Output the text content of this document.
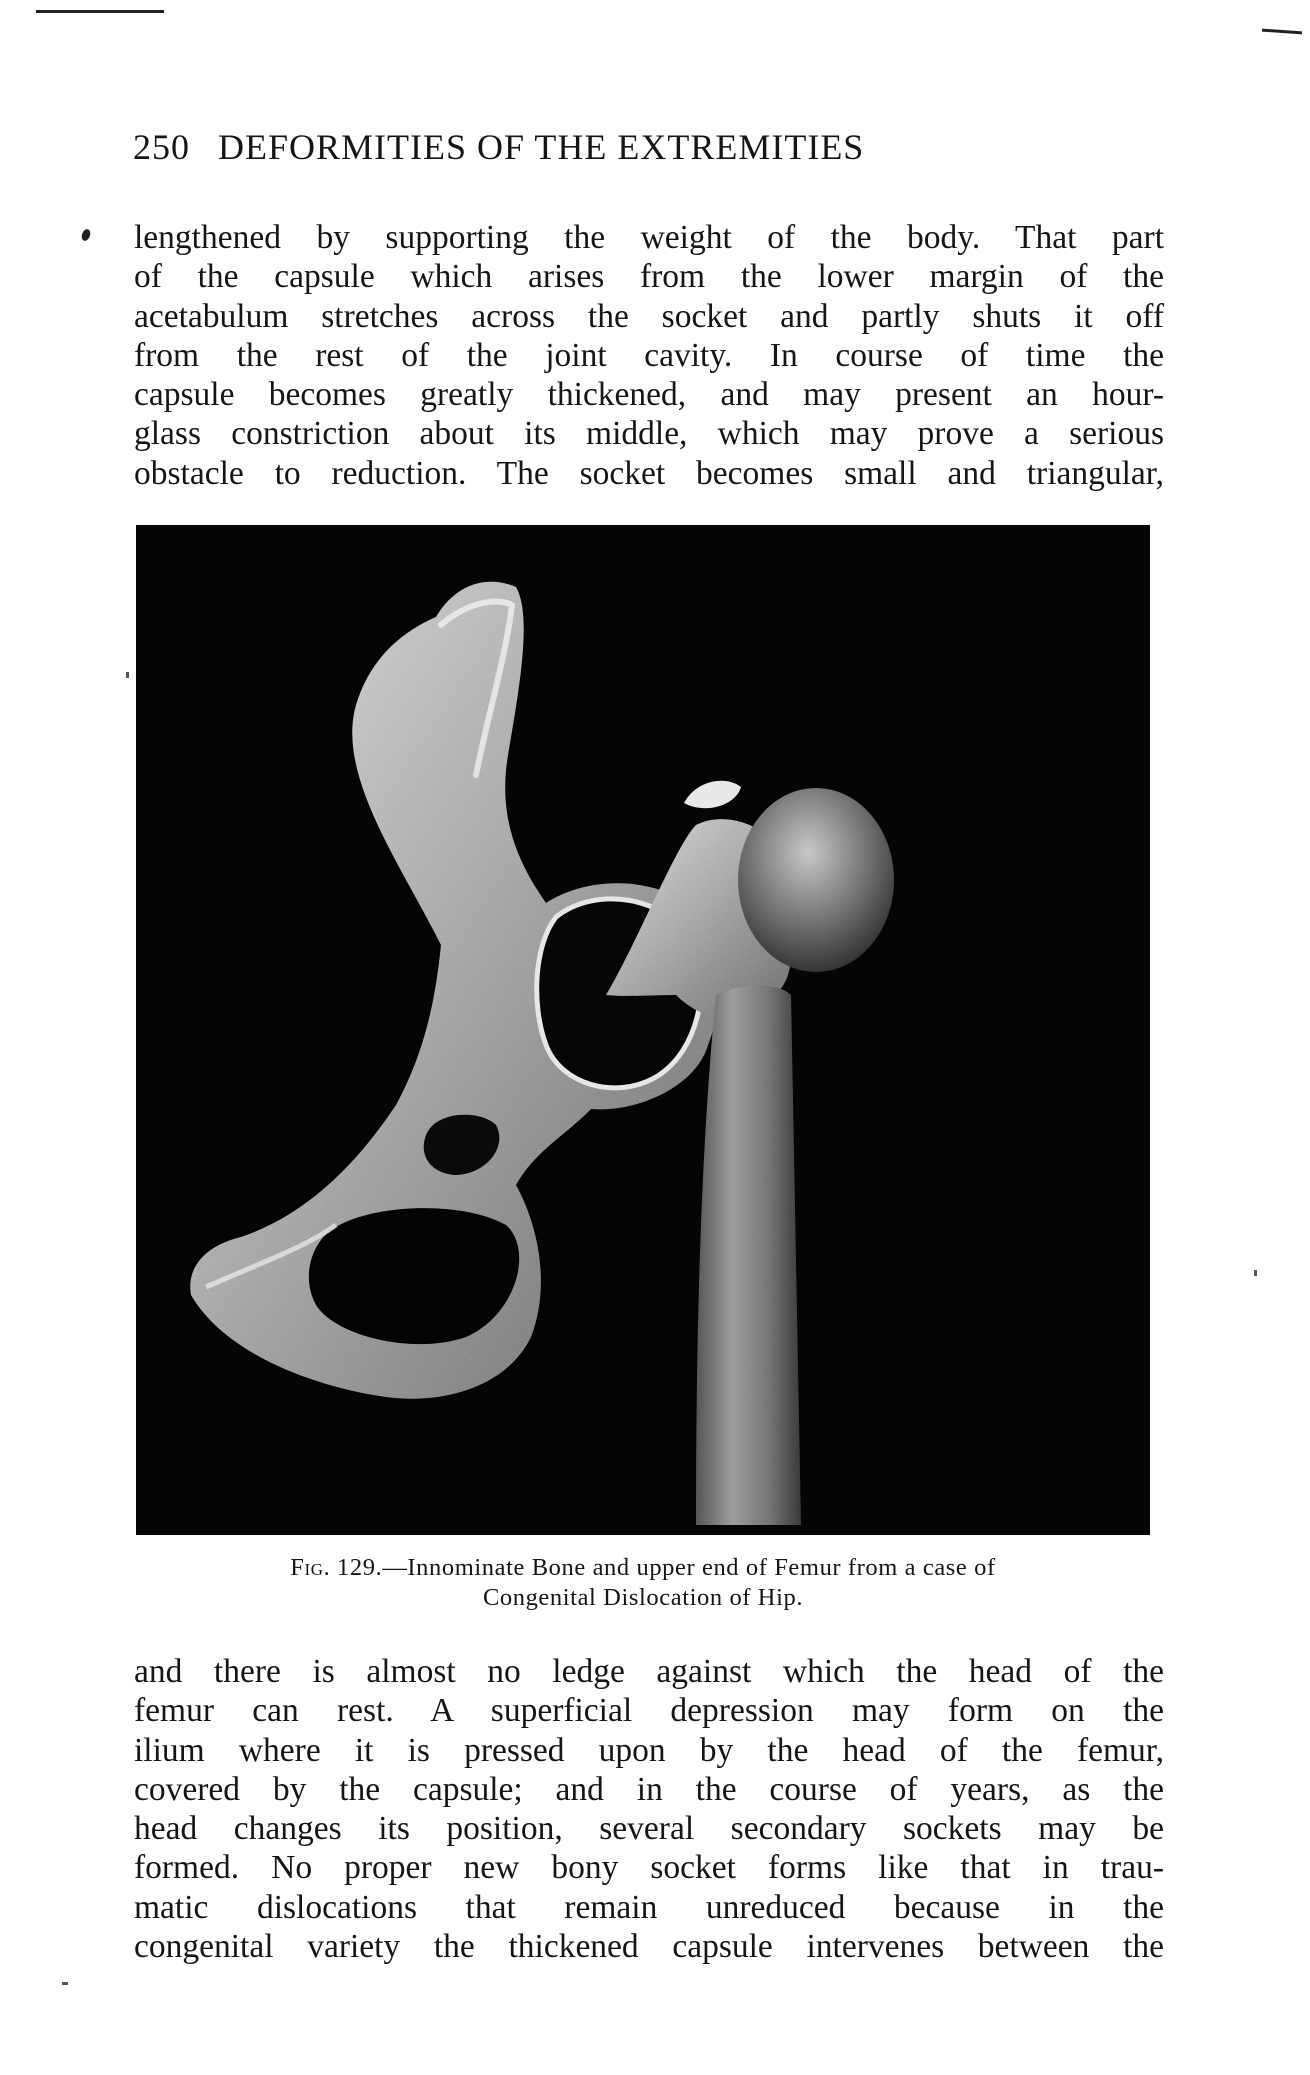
250 DEFORMITIES OF THE EXTREMITIES
lengthened by supporting the weight of the body. That part
of the capsule which arises from the lower margin of the
acetabulum stretches across the socket and partly shuts it off
from the rest of the joint cavity. In course of time the
capsule becomes greatly thickened, and may present an hour-
glass constriction about its middle, which may prove a serious
obstacle to reduction. The socket becomes small and triangular,
Fig. 129.—Innominate Bone and upper end of Femur from a case of
Congenital Dislocation of Hip.
and there is almost no ledge against which the head of the
femur can rest. A superficial depression may form on the
ilium where it is pressed upon by the head of the femur,
covered by the capsule; and in the course of years, as the
head changes its position, several secondary sockets may be
formed. No proper new bony socket forms like that in trau-
matic dislocations that remain unreduced because in the
congenital variety the thickened capsule intervenes between the
